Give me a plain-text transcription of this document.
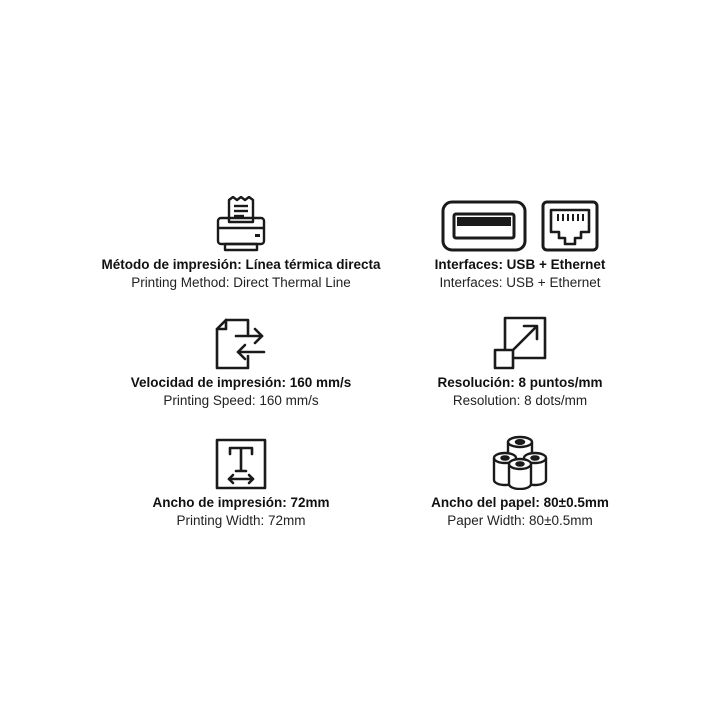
Método de impresión: Línea térmica directa
Printing Method: Direct Thermal Line
Interfaces: USB + Ethernet
Interfaces: USB + Ethernet
Velocidad de impresión: 160 mm/s
Printing Speed: 160 mm/s
Resolución: 8 puntos/mm
Resolution: 8 dots/mm
Ancho de impresión: 72mm
Printing Width: 72mm
Ancho del papel: 80±0.5mm
Paper Width: 80±0.5mm
